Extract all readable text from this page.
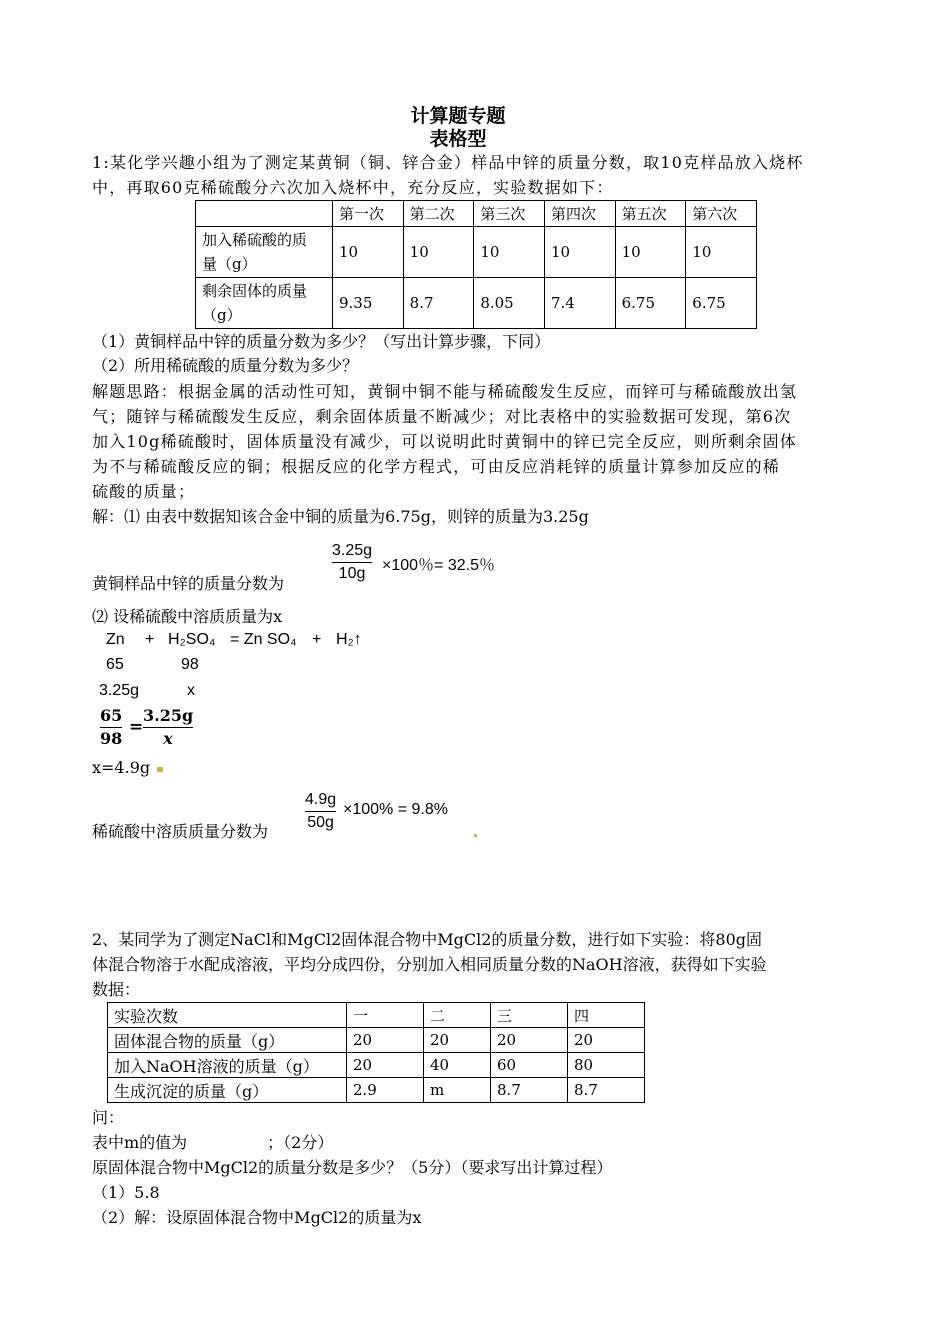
计算题专题
表格型
1:某化学兴趣小组为了测定某黄铜（铜、锌合金）样品中锌的质量分数，取10克样品放入烧杯
中，再取60克稀硫酸分六次加入烧杯中，充分反应，实验数据如下：
	第一次	第二次	第三次	第四次	第五次	第六次
加入稀硫酸的质
量（g）	10	10	10	10	10	10
剩余固体的质量
（g）	9.35	8.7	8.05	7.4	6.75	6.75
（1）黄铜样品中锌的质量分数为多少？（写出计算步骤，下同）
（2）所用稀硫酸的质量分数为多少？
解题思路：根据金属的活动性可知，黄铜中铜不能与稀硫酸发生反应，而锌可与稀硫酸放出氢
气；随锌与稀硫酸发生反应，剩余固体质量不断减少；对比表格中的实验数据可发现，第6次
加入10g稀硫酸时，固体质量没有减少，可以说明此时黄铜中的锌已完全反应，则所剩余固体
为不与稀硫酸反应的铜；根据反应的化学方程式，可由反应消耗锌的质量计算参加反应的稀
硫酸的质量；
解：⑴ 由表中数据知该合金中铜的质量为6.75g，则锌的质量为3.25g
3.25g
10g	×100％= 32.5％
黄铜样品中锌的质量分数为
⑵ 设稀硫酸中溶质质量为x
Zn + H₂SO₄ = Zn SO₄ + H₂↑
65	98
3.25g	x
65
98
=
3.25g
x
x=4.9g
4.9g
50g
×100% = 9.8%
稀硫酸中溶质质量分数为
2、某同学为了测定NaCl和MgCl2固体混合物中MgCl2的质量分数，进行如下实验：将80g固
体混合物溶于水配成溶液，平均分成四份，分别加入相同质量分数的NaOH溶液，获得如下实验
数据：
实验次数	一	二	三	四
固体混合物的质量（g）	20	20	20	20
加入NaOH溶液的质量（g）	20	40	60	80
生成沉淀的质量（g）	2.9	m	8.7	8.7
问：
表中m的值为　　　　　；（2分）
原固体混合物中MgCl2的质量分数是多少？（5分）（要求写出计算过程）
（1）5.8
（2）解：设原固体混合物中MgCl2的质量为x
